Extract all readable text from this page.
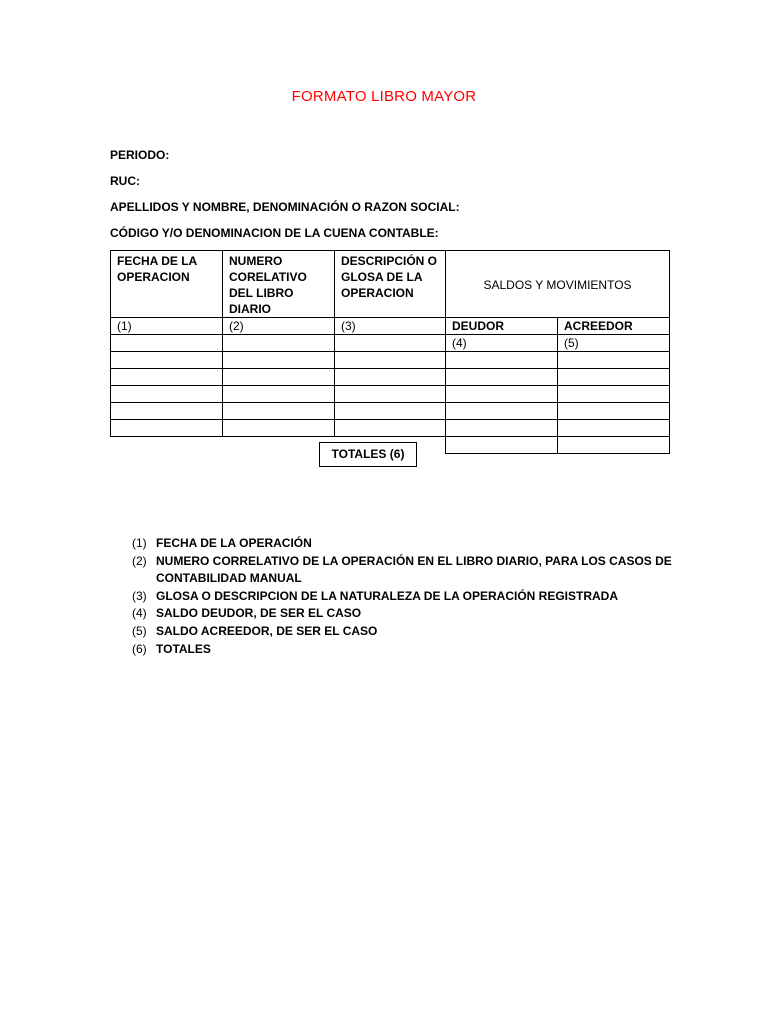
FORMATO LIBRO MAYOR
PERIODO:
RUC:
APELLIDOS Y NOMBRE, DENOMINACIÓN O RAZON SOCIAL:
CÓDIGO Y/O DENOMINACION DE LA CUENA CONTABLE:
FECHA DE LA OPERACION	NUMERO CORELATIVO DEL LIBRO DIARIO	DESCRIPCIÓN O GLOSA DE LA OPERACION	SALDOS Y MOVIMIENTOS	
(1)	(2)	(3)	DEUDOR	ACREEDOR
			(4)	(5)

TOTALES (6)
(1) FECHA DE LA OPERACIÓN
(2) NUMERO CORRELATIVO DE LA OPERACIÓN EN EL LIBRO DIARIO, PARA LOS CASOS DE CONTABILIDAD MANUAL
(3) GLOSA O DESCRIPCION DE LA NATURALEZA DE LA OPERACIÓN REGISTRADA
(4) SALDO DEUDOR, DE SER EL CASO
(5) SALDO ACREEDOR, DE SER EL CASO
(6) TOTALES
